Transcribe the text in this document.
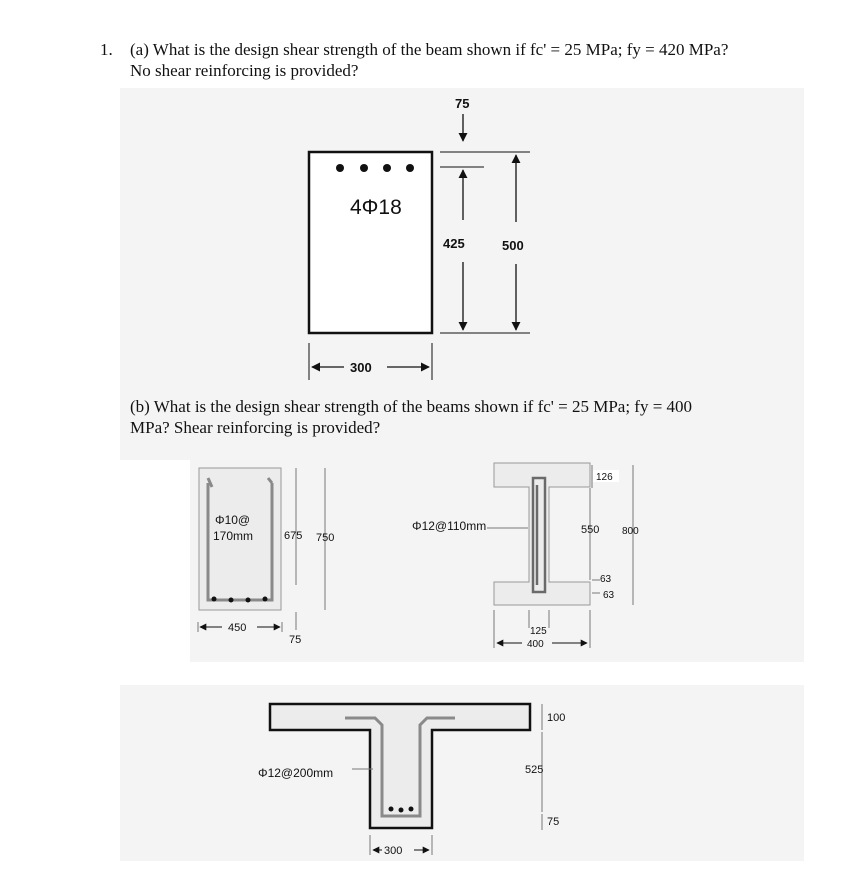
1. (a) What is the design shear strength of the beam shown if fc' = 25 MPa; fy = 420 MPa?
No shear reinforcing is provided?
(b) What is the design shear strength of the beams shown if fc' = 25 MPa; fy = 400
MPa? Shear reinforcing is provided?
4Φ18
75
425	500
300
Φ10@
170mm	675 750
450
75
Φ12@110mm
126
550 800
63
63
125
400
Φ12@200mm
100
525
75
300
